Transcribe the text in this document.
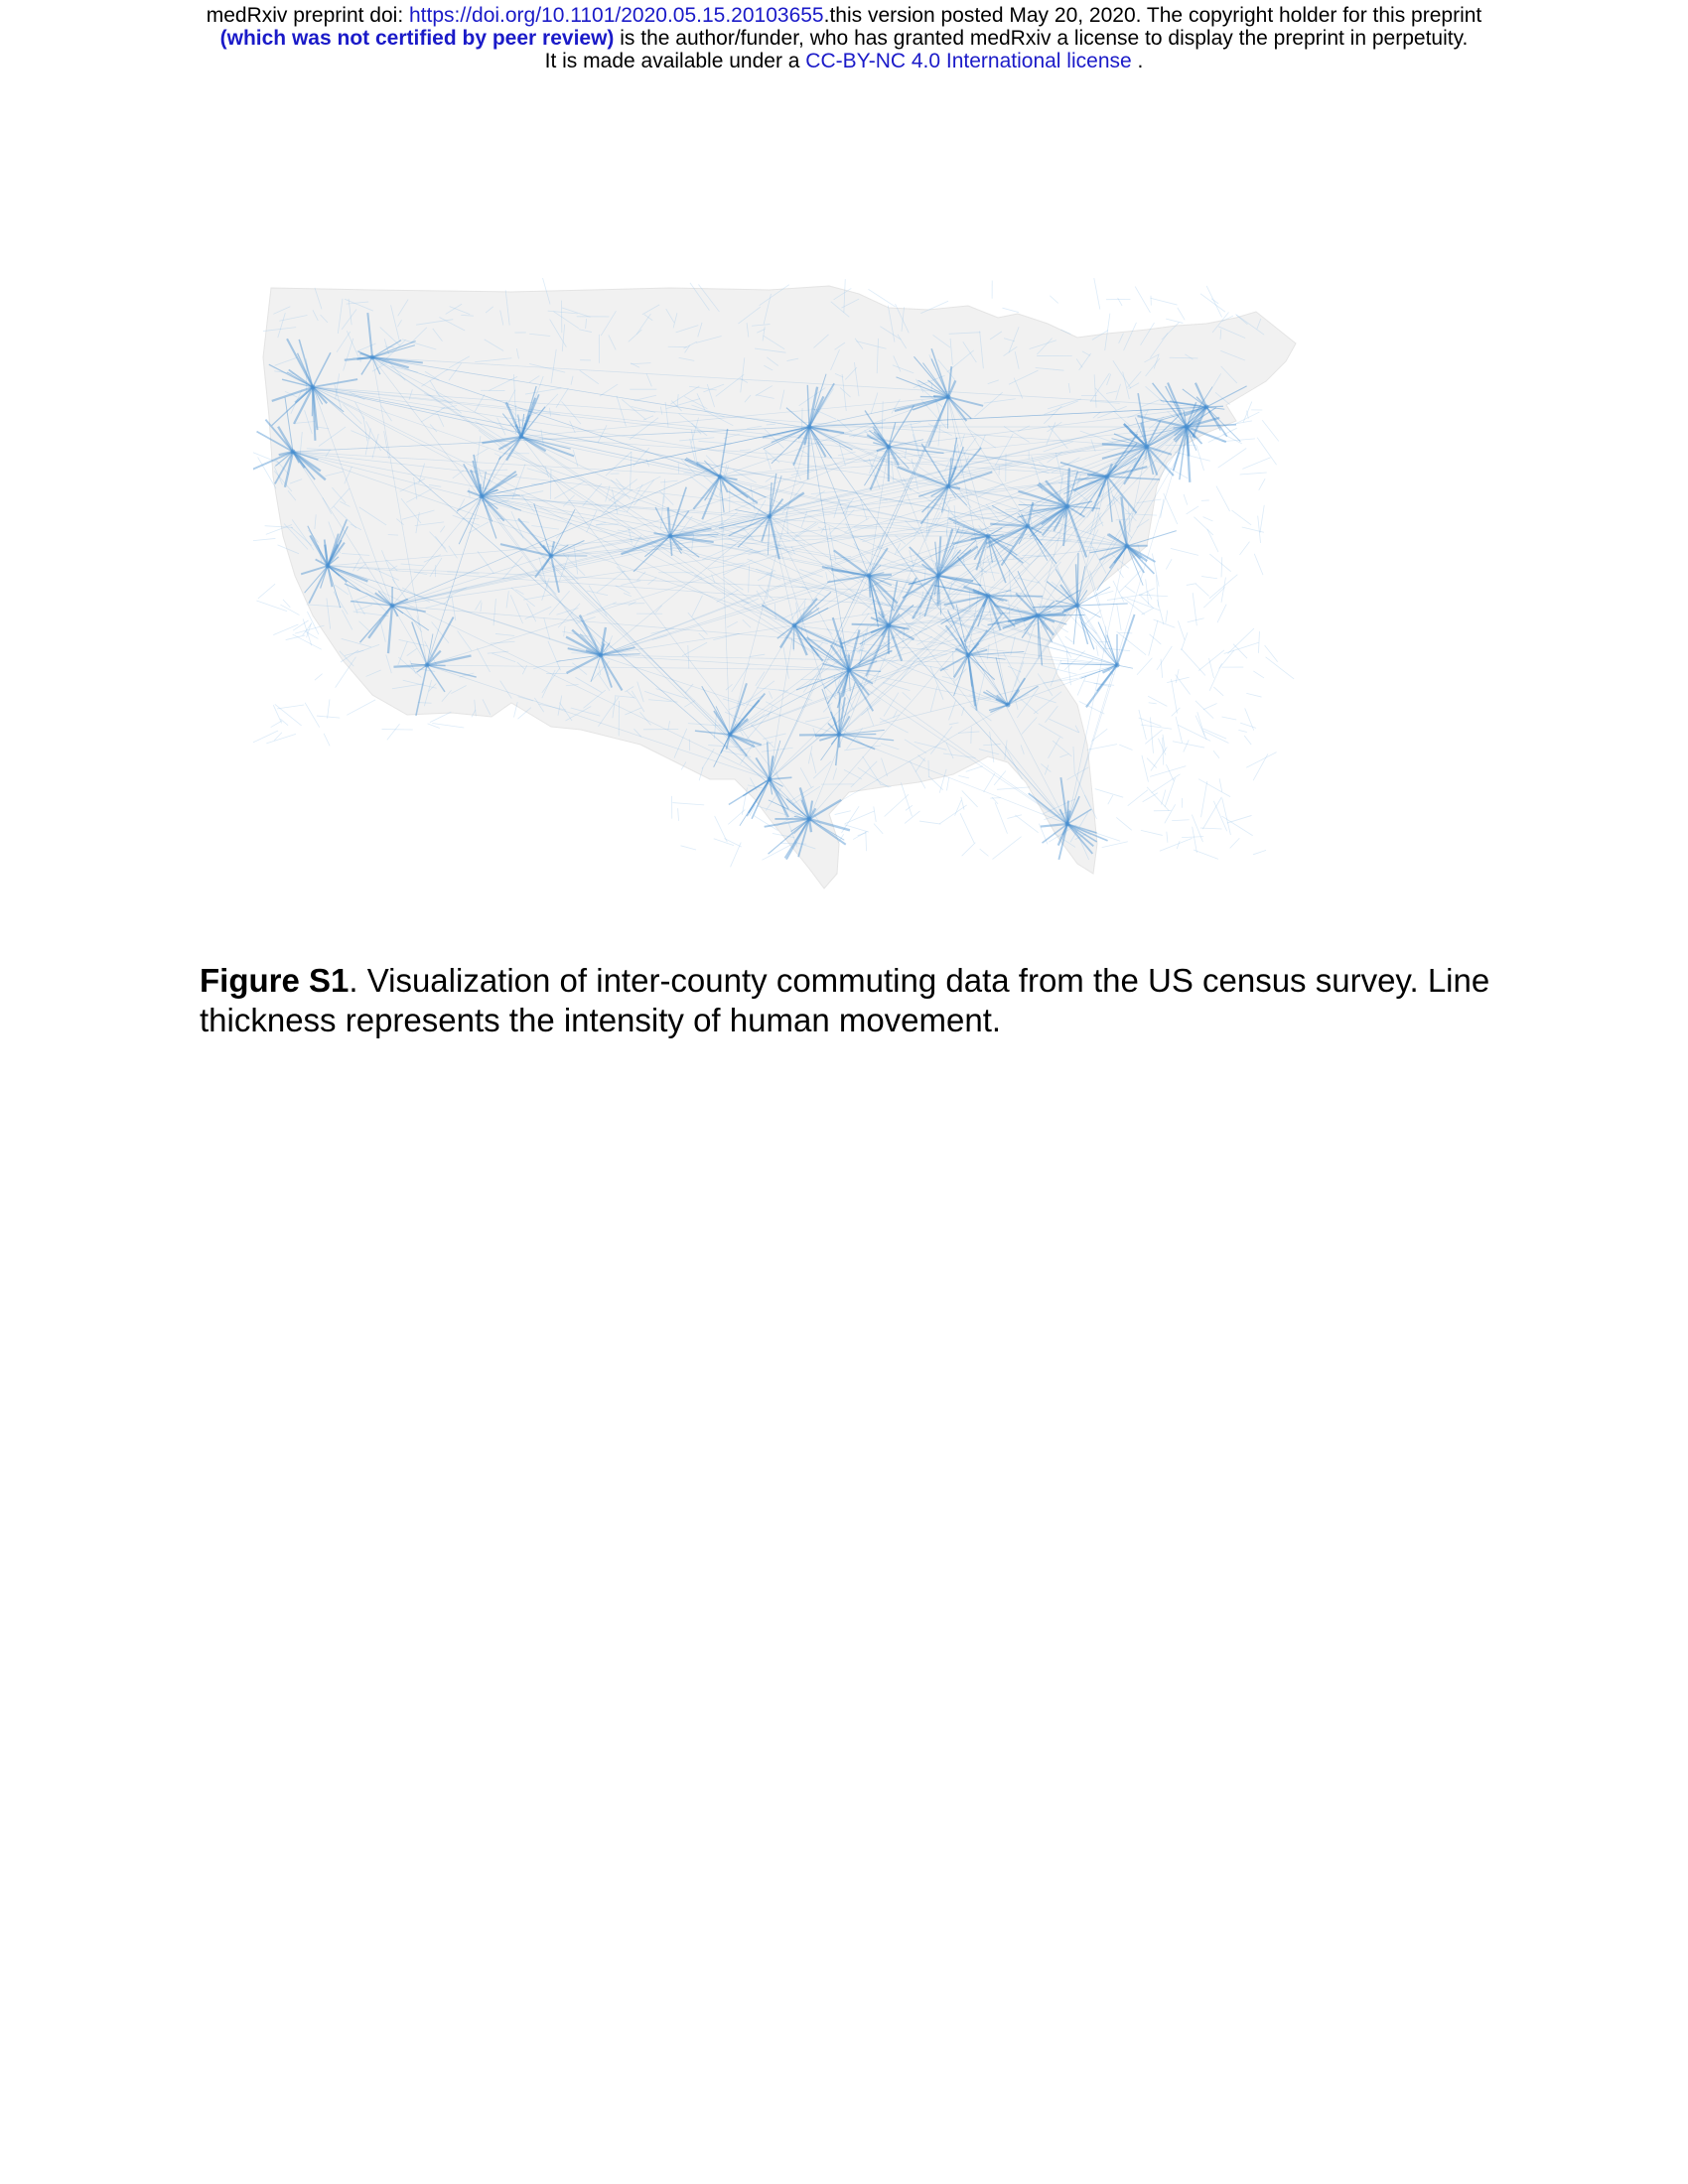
medRxiv preprint doi: https://doi.org/10.1101/2020.05.15.20103655.this version posted May 20, 2020. The copyright holder for this preprint
(which was not certified by peer review) is the author/funder, who has granted medRxiv a license to display the preprint in perpetuity.
It is made available under a CC-BY-NC 4.0 International license .
Figure S1. Visualization of inter-county commuting data from the US census survey. Line thickness represents the intensity of human movement.
